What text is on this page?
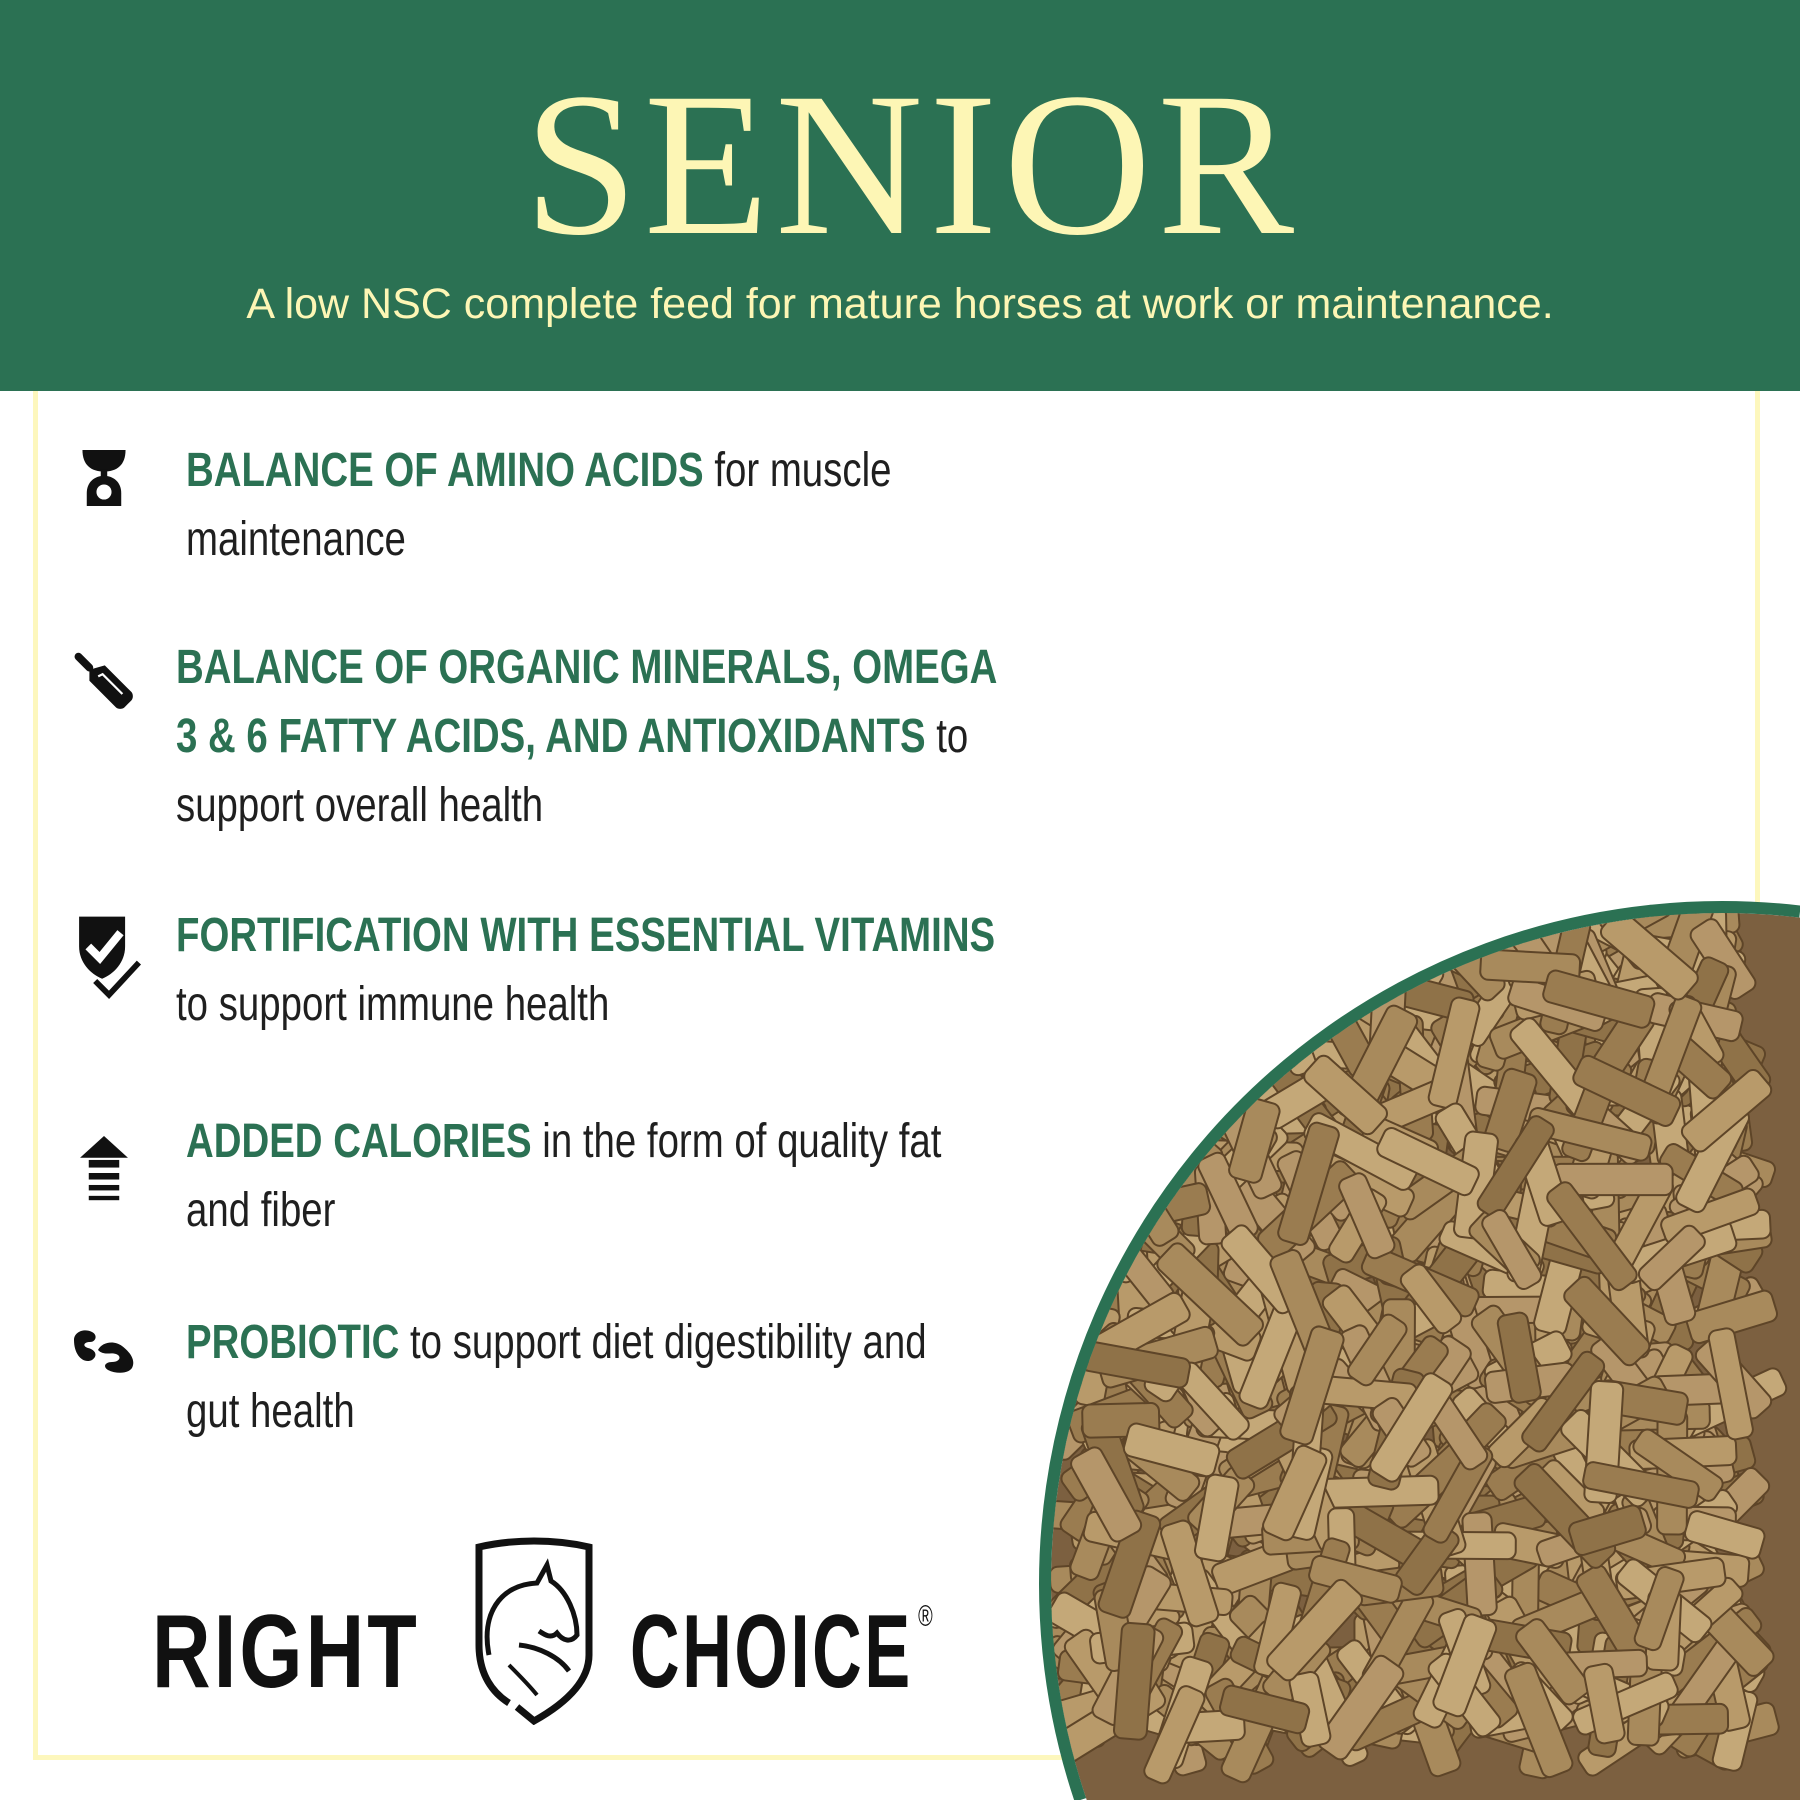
SENIOR
A low NSC complete feed for mature horses at work or maintenance.
BALANCE OF AMINO ACIDS for muscle
maintenance
BALANCE OF ORGANIC MINERALS, OMEGA
3 & 6 FATTY ACIDS, AND ANTIOXIDANTS to
support overall health
FORTIFICATION WITH ESSENTIAL VITAMINS
to support immune health
ADDED CALORIES in the form of quality fat
and fiber
PROBIOTIC to support diet digestibility and
gut health
RIGHT CHOICE ®
